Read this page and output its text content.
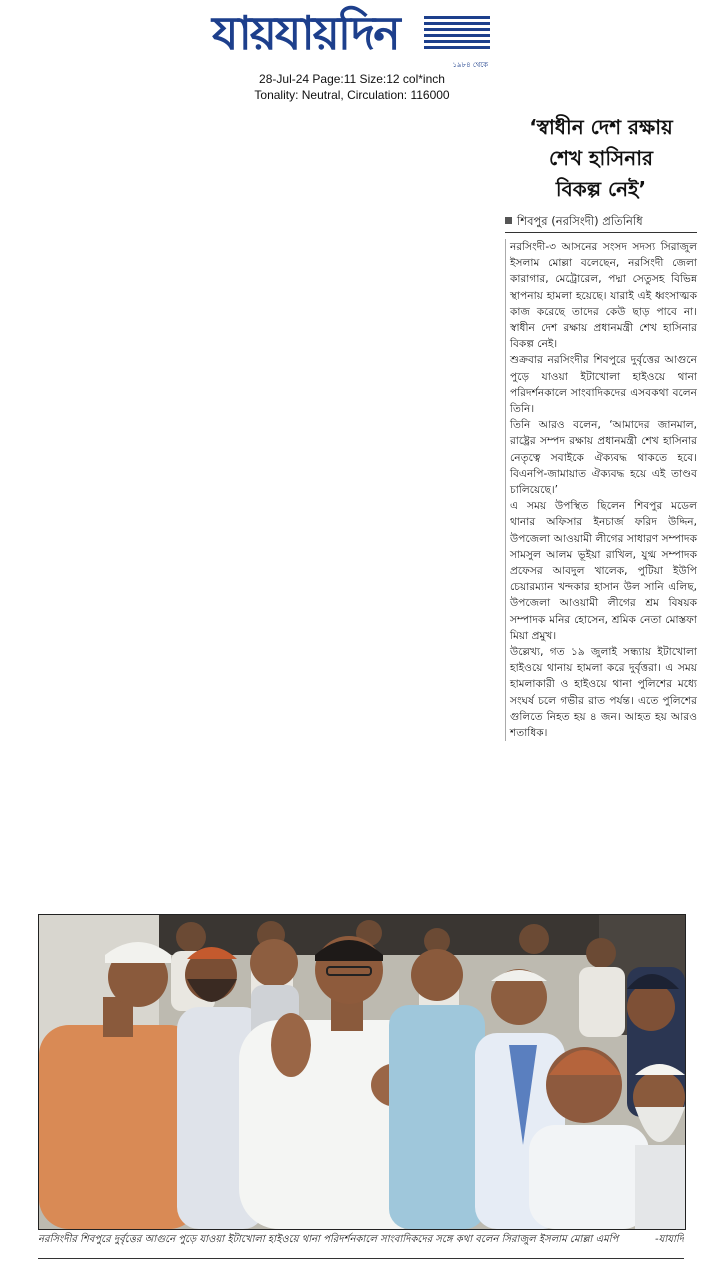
যায়যায়দিন
১৯৮৪ থেকে
28-Jul-24 Page:11 Size:12 col*inch
Tonality: Neutral, Circulation: 116000
‘স্বাধীন দেশ রক্ষায়
শেখ হাসিনার
বিকল্প নেই’
শিবপুর (নরসিংদী) প্রতিনিধি

নরসিংদী-৩ আসনের সংসদ সদস্য সিরাজুল ইসলাম মোল্লা বলেছেন, নরসিংদী জেলা কারাগার, মেট্রোরেল, পদ্মা সেতুসহ বিভিন্ন স্থাপনায় হামলা হয়েছে। যারাই এই ধ্বংসাত্মক কাজ করেছে তাদের কেউ ছাড় পাবে না। স্বাধীন দেশ রক্ষায় প্রধানমন্ত্রী শেখ হাসিনার বিকল্প নেই।

শুক্রবার নরসিংদীর শিবপুরে দুর্বৃত্তের আগুনে পুড়ে যাওয়া ইটাখোলা হাইওয়ে থানা পরিদর্শনকালে সাংবাদিকদের এসবকথা বলেন তিনি।

তিনি আরও বলেন, ‘আমাদের জানমাল, রাষ্ট্রের সম্পদ রক্ষায় প্রধানমন্ত্রী শেখ হাসিনার নেতৃত্বে সবাইকে ঐক্যবদ্ধ থাকতে হবে। বিএনপি-জামায়াত ঐক্যবদ্ধ হয়ে এই তাণ্ডব চালিয়েছে।’

এ সময় উপস্থিত ছিলেন শিবপুর মডেল থানার অফিসার ইনচার্জ ফরিদ উদ্দিন, উপজেলা আওয়ামী লীগের সাধারণ সম্পাদক সামসুল আলম ভূইয়া রাখিল, যুগ্ম সম্পাদক প্রফেসর আবদুল খালেক, পুটিয়া ইউপি চেয়ারম্যান খন্দকার হাসান উল সানি এলিছ, উপজেলা আওয়ামী লীগের শ্রম বিষয়ক সম্পাদক মনির হোসেন, শ্রমিক নেতা মোস্তফা মিয়া প্রমুখ।

উল্লেখ্য, গত ১৯ জুলাই সন্ধ্যায় ইটাখোলা হাইওয়ে থানায় হামলা করে দুর্বৃত্তরা। এ সময় হামলাকারী ও হাইওয়ে থানা পুলিশের মধ্যে সংঘর্ষ চলে গভীর রাত পর্যন্ত। এতে পুলিশের গুলিতে নিহত হয় ৪ জন। আহত হয় আরও শতাধিক।

নরসিংদীর শিবপুরে দুর্বৃত্তের আগুনে পুড়ে যাওয়া ইটাখোলা হাইওয়ে থানা পরিদর্শনকালে সাংবাদিকদের সঙ্গে কথা বলেন সিরাজুল ইসলাম মোল্লা এমপি	-যাযাদি
